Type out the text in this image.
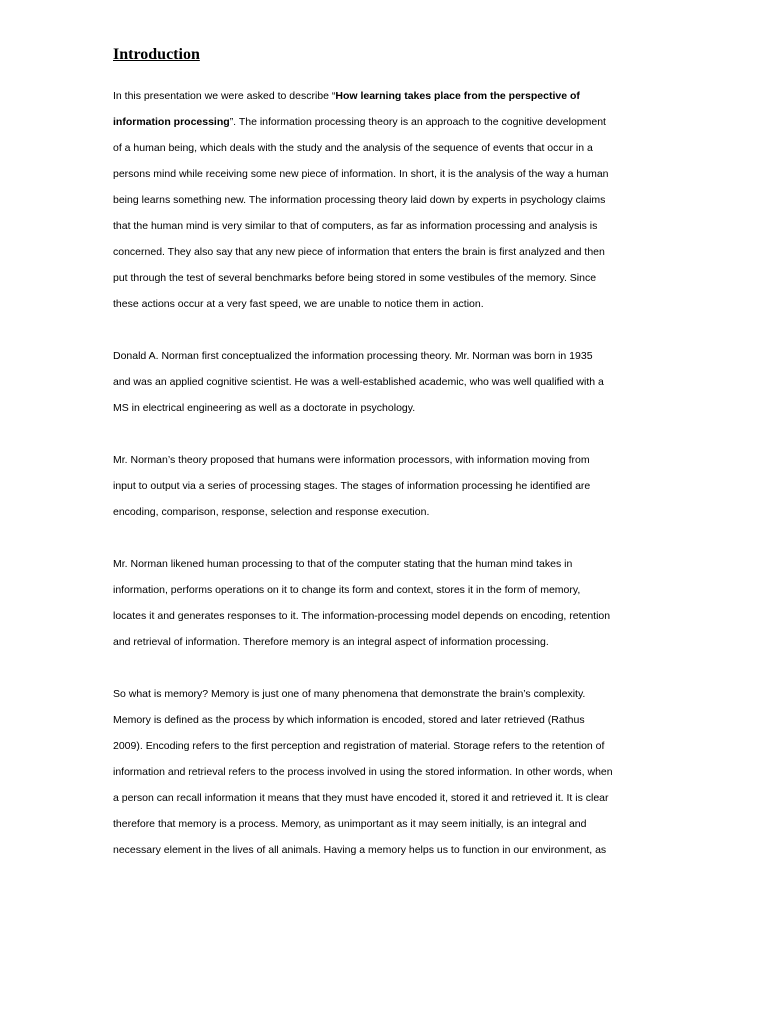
Introduction
In this presentation we were asked to describe “How learning takes place from the perspective of
information processing”. The information processing theory is an approach to the cognitive development
of a human being, which deals with the study and the analysis of the sequence of events that occur in a
persons mind while receiving some new piece of information. In short, it is the analysis of the way a human
being learns something new. The information processing theory laid down by experts in psychology claims
that the human mind is very similar to that of computers, as far as information processing and analysis is
concerned. They also say that any new piece of information that enters the brain is first analyzed and then
put through the test of several benchmarks before being stored in some vestibules of the memory. Since
these actions occur at a very fast speed, we are unable to notice them in action.
Donald A. Norman first conceptualized the information processing theory. Mr. Norman was born in 1935
and was an applied cognitive scientist. He was a well-established academic, who was well qualified with a
MS in electrical engineering as well as a doctorate in psychology.
Mr. Norman’s theory proposed that humans were information processors, with information moving from
input to output via a series of processing stages. The stages of information processing he identified are
encoding, comparison, response, selection and response execution.
Mr. Norman likened human processing to that of the computer stating that the human mind takes in
information, performs operations on it to change its form and context, stores it in the form of memory,
locates it and generates responses to it. The information-processing model depends on encoding, retention
and retrieval of information. Therefore memory is an integral aspect of information processing.
So what is memory? Memory is just one of many phenomena that demonstrate the brain’s complexity.
Memory is defined as the process by which information is encoded, stored and later retrieved (Rathus
2009). Encoding refers to the first perception and registration of material. Storage refers to the retention of
information and retrieval refers to the process involved in using the stored information. In other words, when
a person can recall information it means that they must have encoded it, stored it and retrieved it. It is clear
therefore that memory is a process. Memory, as unimportant as it may seem initially, is an integral and
necessary element in the lives of all animals. Having a memory helps us to function in our environment, as
